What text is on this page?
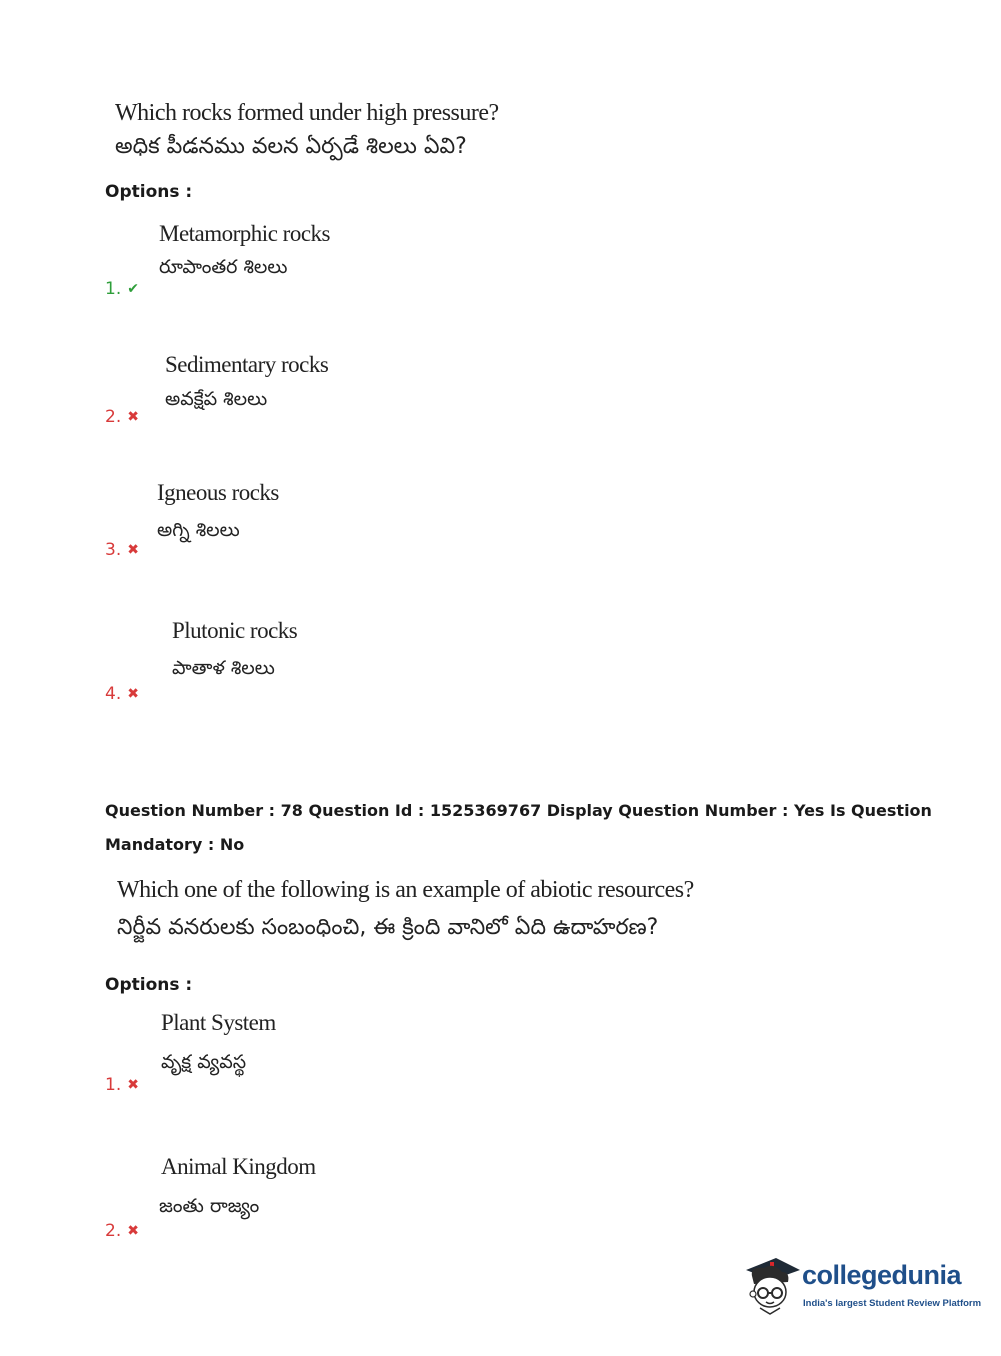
Which rocks formed under high pressure?
అధిక పీడనము వలన ఏర్పడే శిలలు ఏవి?
Options :
Metamorphic rocks
రూపాంతర శిలలు
1. ✔
Sedimentary rocks
అవక్షేప శిలలు
2. ✖
Igneous rocks
అగ్ని శిలలు
3. ✖
Plutonic rocks
పాతాళ శిలలు
4. ✖
Question Number : 78 Question Id : 1525369767 Display Question Number : Yes Is Question
Mandatory : No
Which one of the following is an example of abiotic resources?
నిర్జీవ వనరులకు సంబంధించి, ఈ క్రింది వానిలో ఏది ఉదాహరణ?
Options :
Plant System
వృక్ష వ్యవస్థ
1. ✖
Animal Kingdom
జంతు రాజ్యం
2. ✖
collegedunia
India's largest Student Review Platform
